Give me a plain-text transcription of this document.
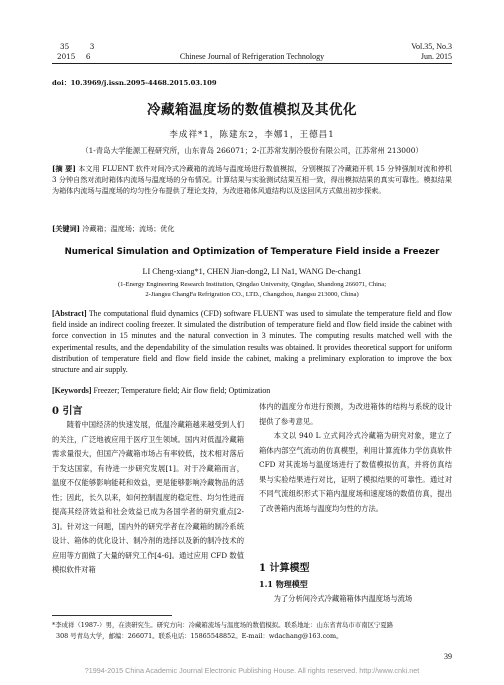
35	3
2015 6	Chinese Journal of Refrigeration Technology
Vol.35, No.3
Jun. 2015
doi：10.3969/j.issn.2095-4468.2015.03.109
冷藏箱温度场的数值模拟及其优化
李成祥*1，陈建东2，李娜1，王德昌1
（1-青岛大学能源工程研究所，山东青岛 266071；2-江苏常发制冷股份有限公司，江苏常州 213000）
[摘 要] 本文用 FLUENT 软件对间冷式冷藏箱的流场与温度场进行数值模拟，分别模拟了冷藏箱开机 15 分钟强制对流和停机 3 分钟自然对流时箱体内流场与温度场的分布情况。计算结果与实验测试结果互相一致，得出模拟结果的真实可靠性。模拟结果为箱体内流场与温度场的均匀性分布提供了理论支持，为改进箱体风道结构以及送回风方式做出初步探索。
[关键词] 冷藏箱；温度场；流场；优化
Numerical Simulation and Optimization of Temperature Field inside a Freezer
LI Cheng-xiang*1, CHEN Jian-dong2, LI Na1, WANG De-chang1
(1-Energy Engineering Research Institution, Qingdao University, Qingdao, Shandong 266071, China;
2-Jiangsu ChangFa Refrigration CO., LTD., Changzhou, Jiangsu 213000, China)
[Abstract] The computational fluid dynamics (CFD) software FLUENT was used to simulate the temperature field and flow field inside an indirect cooling freezer. It simulated the distribution of temperature field and flow field inside the cabinet with force convection in 15 minutes and the natural convection in 3 minutes. The computing results matched well with the experimental results, and the dependability of the simulation results was obtained. It provides theoretical support for uniform distribution of temperature field and flow field inside the cabinet, making a preliminary exploration to improve the box structure and air supply.
[Keywords] Freezer; Temperature field; Air flow field; Optimization
0 引言
随着中国经济的快速发展，低温冷藏箱越来越受到人们的关注，广泛地被应用于医疗卫生领域。国内对低温冷藏箱需求量很大，但国产冷藏箱市场占有率较低，技术相对落后于发达国家，有待进一步研究发展[1]。对于冷藏箱而言，温度不仅能够影响能耗和效益，更是能够影响冷藏物品的活性；因此，长久以来，如何控制温度的稳定性、均匀性进而提高其经济效益和社会效益已成为各国学者的研究重点[2-3]。针对这一问题，国内外的研究学者在冷藏箱的制冷系统设计、箱体的优化设计、制冷剂的选择以及新的制冷技术的应用等方面做了大量的研究工作[4-6]。通过应用 CFD 数值模拟软件对箱
体内的温度分布进行预测，为改进箱体的结构与系统的设计提供了参考意见。
本文以 940 L 立式间冷式冷藏箱为研究对象，建立了箱体内部空气流动的仿真模型，利用计算流体力学仿真软件 CFD 对其流场与温度场进行了数值模拟仿真，并将仿真结果与实验结果进行对比，证明了模拟结果的可靠性。通过对不同气流组织形式下箱内温度场和速度场的数值仿真，提出了改善箱内流场与温度均匀性的方法。
1 计算模型
1.1 物理模型
为了分析间冷式冷藏箱箱体内温度场与流场
*李成祥（1987-）男，在读研究生。研究方向：冷藏箱流场与温度场的数值模拟。联系地址：山东省青岛市市南区宁夏路
308 号青岛大学，邮编：266071。联系电话：15865548852。E-mail：wdachang@163.com。
39
?1994-2015 China Academic Journal Electronic Publishing House. All rights reserved. http://www.cnki.net
